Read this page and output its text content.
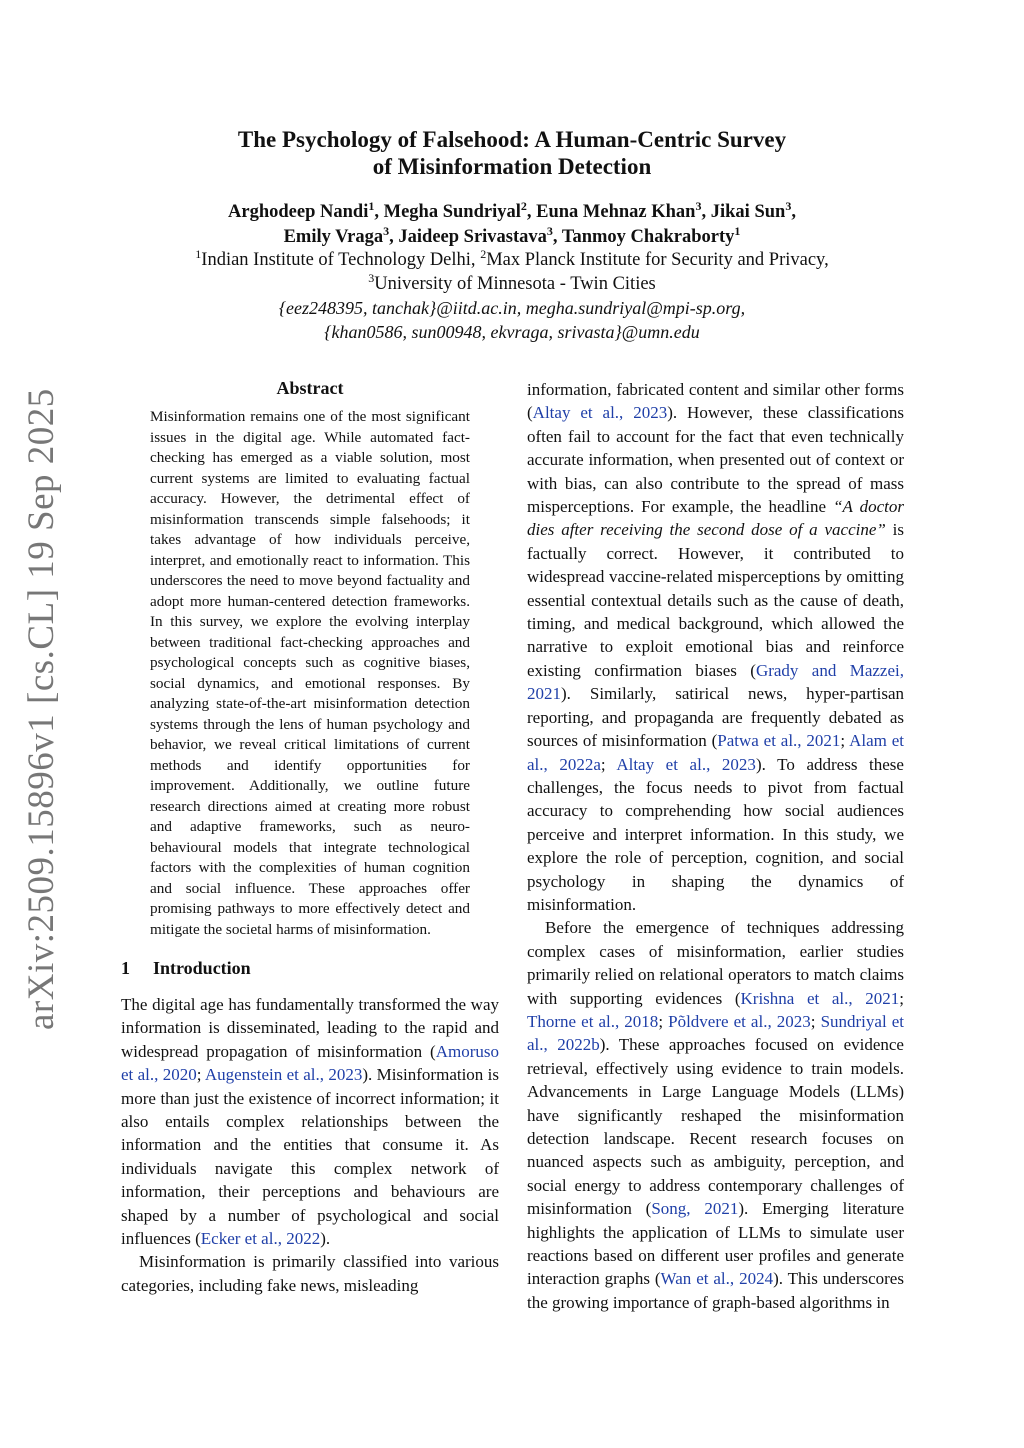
arXiv:2509.15896v1 [cs.CL] 19 Sep 2025
The Psychology of Falsehood: A Human-Centric Survey
of Misinformation Detection
Arghodeep Nandi$^1$, Megha Sundriyal$^2$, Euna Mehnaz Khan$^3$, Jikai Sun$^3$,
Emily Vraga$^3$, Jaideep Srivastava$^3$, Tanmoy Chakraborty$^1$
$^1$Indian Institute of Technology Delhi, $^2$Max Planck Institute for Security and Privacy,
$^3$University of Minnesota - Twin Cities
{eez248395, tanchak}@iitd.ac.in, megha.sundriyal@mpi-sp.org,
{khan0586, sun00948, ekvraga, srivasta}@umn.edu
Abstract

Misinformation remains one of the most significant issues in the digital age. While automated fact-checking has emerged as a viable solution, most current systems are limited to evaluating factual accuracy. However, the detrimental effect of misinformation transcends simple falsehoods; it takes advantage of how individuals perceive, interpret, and emotionally react to information. This underscores the need to move beyond factuality and adopt more human-centered detection frameworks. In this survey, we explore the evolving interplay between traditional fact-checking approaches and psychological concepts such as cognitive biases, social dynamics, and emotional responses. By analyzing state-of-the-art misinformation detection systems through the lens of human psychology and behavior, we reveal critical limitations of current methods and identify opportunities for improvement. Additionally, we outline future research directions aimed at creating more robust and adaptive frameworks, such as neuro-behavioural models that integrate technological factors with the complexities of human cognition and social influence. These approaches offer promising pathways to more effectively detect and mitigate the societal harms of misinformation.

1 Introduction

The digital age has fundamentally transformed the way information is disseminated, leading to the rapid and widespread propagation of misinformation (Amoruso et al., 2020; Augenstein et al., 2023). Misinformation is more than just the existence of incorrect information; it also entails complex relationships between the information and the entities that consume it. As individuals navigate this complex network of information, their perceptions and behaviours are shaped by a number of psychological and social influences (Ecker et al., 2022).

Misinformation is primarily classified into various categories, including fake news, misleading

information, fabricated content and similar other forms (Altay et al., 2023). However, these classifications often fail to account for the fact that even technically accurate information, when presented out of context or with bias, can also contribute to the spread of mass misperceptions. For example, the headline “A doctor dies after receiving the second dose of a vaccine” is factually correct. However, it contributed to widespread vaccine-related misperceptions by omitting essential contextual details such as the cause of death, timing, and medical background, which allowed the narrative to exploit emotional bias and reinforce existing confirmation biases (Grady and Mazzei, 2021). Similarly, satirical news, hyper-partisan reporting, and propaganda are frequently debated as sources of misinformation (Patwa et al., 2021; Alam et al., 2022a; Altay et al., 2023). To address these challenges, the focus needs to pivot from factual accuracy to comprehending how social audiences perceive and interpret information. In this study, we explore the role of perception, cognition, and social psychology in shaping the dynamics of misinformation.

Before the emergence of techniques addressing complex cases of misinformation, earlier studies primarily relied on relational operators to match claims with supporting evidences (Krishna et al., 2021; Thorne et al., 2018; Põldvere et al., 2023; Sundriyal et al., 2022b). These approaches focused on evidence retrieval, effectively using evidence to train models. Advancements in Large Language Models (LLMs) have significantly reshaped the misinformation detection landscape. Recent research focuses on nuanced aspects such as ambiguity, perception, and social energy to address contemporary challenges of misinformation (Song, 2021). Emerging literature highlights the application of LLMs to simulate user reactions based on different user profiles and generate interaction graphs (Wan et al., 2024). This underscores the growing importance of graph-based algorithms in
